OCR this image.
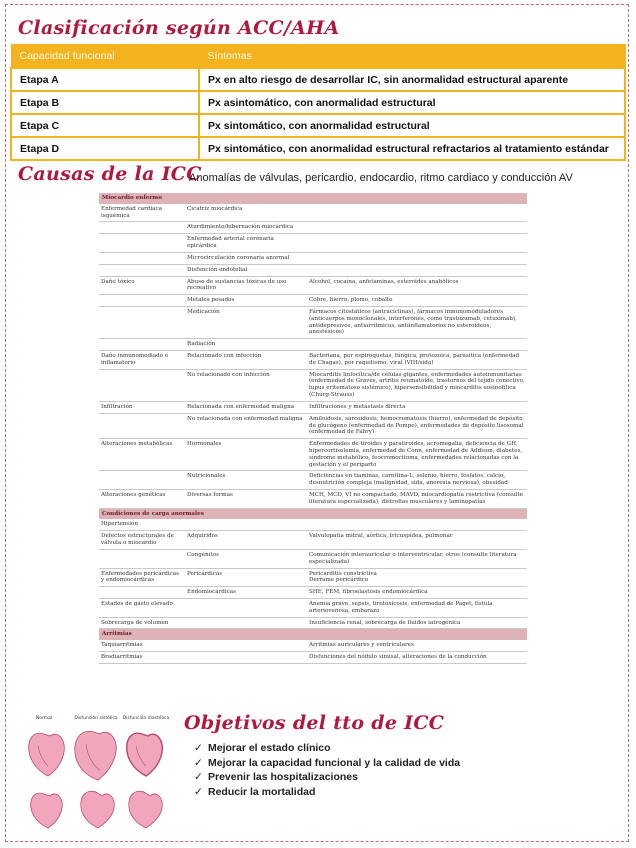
Clasificación según ACC/AHA
Capacidad funcional	Síntomas
Etapa A	Px en alto riesgo de desarrollar IC, sin anormalidad estructural aparente
Etapa B	Px asintomático, con anormalidad estructural
Etapa C	Px sintomático, con anormalidad estructural
Etapa D	Px sintomático, con anormalidad estructural refractarios al tratamiento estándar
Causas de la ICC
Anomalías de válvulas, pericardio, endocardio, ritmo cardiaco y conducción AV
Miocardio enfermo		
Enfermedad cardiaca isquémica	Cicatriz miocárdica	
	Aturdimiento/hibernación miocárdica	
	Enfermedad arterial coronaria epicárdica	
	Microcirculación coronaria anormal	
	Disfunción endotelial	
Daño tóxico	Abuso de sustancias tóxicas de uso recreativo	Alcohol, cocaína, anfetaminas, esteroides anabólicos
	Metales pesados	Cobre, hierro, plomo, cobalto
	Medicación	Fármacos citostáticos (antraciclinas), fármacos inmunomoduladores (anticuerpos monoclonales, interferones, como trastuzumab, cetuximab), antidepresivos, antiarrítmicos, antiinflamatorios no esteroideos, anestésicos)
	Radiación	
Daño inmunomediado e inflamatorio	Relacionado con infección	Bacteriana, por espiroquetas, fúngica, protozoica, parasítica (enfermedad de Chagas), por raquitismo, viral (VIH/sida)
	No relacionado con infección	Miocarditis linfocítica/de células gigantes, enfermedades autoinmunitarias (enfermedad de Graves, artritis reumatoide, trastornos del tejido conectivo, lupus eritematoso sistémico), hipersensibilidad y miocarditis eosinofílica (Churg-Strauss)
Infiltración	Relacionada con enfermedad maligna	Infiltraciones y metástasis directa
	No relacionada con enfermedad maligna	Amiloidosis, sarcoidosis, hemocromatosis (hierro), enfermedad de depósito de glucógeno (enfermedad de Pompe), enfermedades de depósito lisosomal (enfermedad de Fabry)
Alteraciones metabólicas	Hormonales	Enfermedades de tiroides y paratiroides, acromegalia, deficiencia de GH, hipercortisolemia, enfermedad de Conn, enfermedad de Addison, diabetes, síndrome metabólico, feocromocitoma, enfermedades relacionadas con la gestación y el periparto
	Nutricionales	Deficiencias en tiaminas, carnitina-L, selenio, hierro, fosfatos, calcio, desnutrición compleja (malignidad, sida, anorexia nerviosa), obesidad
Alteraciones genéticas	Diversas formas	MCH, MCD, VI no compactado, MAVD, miocardiopatía restrictiva (consulte literatura especializada), distrofias musculares y laminopatías
Condiciones de carga anormales		
Hipertensión		
Defectos estructurales de válvula o miocardio	Adquiridos	Valvulopatía mitral, aórtica, tricuspídea, pulmonar
	Congénitos	Comunicación interauricular o interventricular, otros (consulte literatura especializada)
Enfermedades pericárdicas y endomiocárdicas	Pericárdicas	Pericarditis constrictiva
Derrame pericárdico
	Endomiocárdicas	SHE, FEM, fibroelastosis endomiocárdica
Estados de gasto elevado		Anemia grave, sepsis, tirotoxicosis, enfermedad de Paget, fístula arteriovenosa, embarazo
Sobrecarga de volumen		Insuficiencia renal, sobrecarga de fluidos iatrogénica
Arritmias		
Taquiarritmias		Arritmias auriculares y ventriculares
Bradiarritmias		Disfunciones del nódulo sinusal, alteraciones de la conducción
Objetivos del tto de ICC
✓ Mejorar el estado clínico
✓ Mejorar la capacidad funcional y la calidad de vida
✓ Prevenir las hospitalizaciones
✓ Reducir la mortalidad
Normal	Disfunción sistólica Disfunción diastólica
